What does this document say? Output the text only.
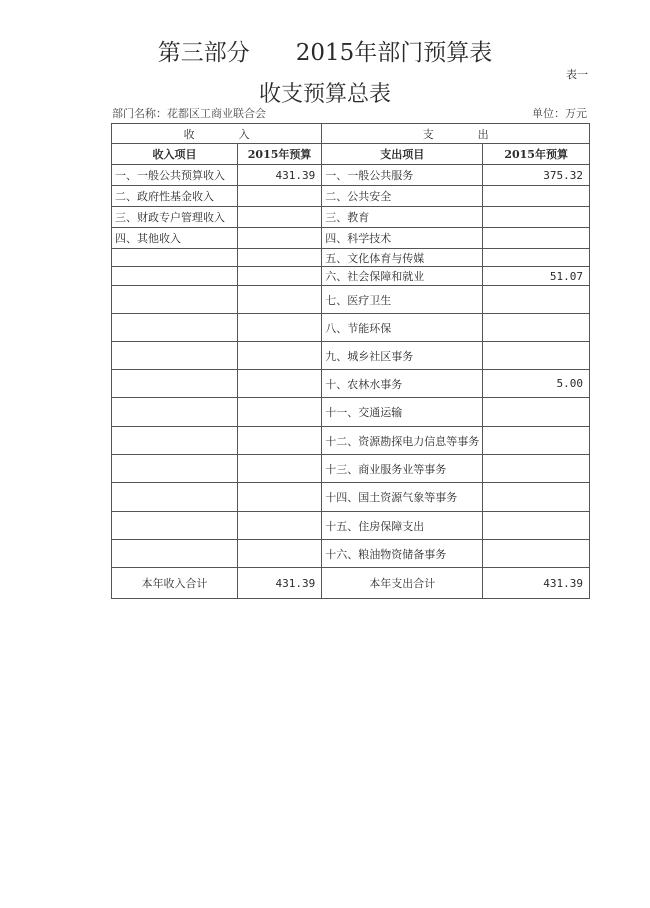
第三部分 2015年部门预算表
表一
收支预算总表
部门名称：花都区工商业联合会	单位：万元
收　　　　入		支　　　　出	
收入项目	2015年预算	支出项目	2015年预算
一、一般公共预算收入	431.39	一、一般公共服务	375.32
二、政府性基金收入		二、公共安全	
三、财政专户管理收入		三、教育	
四、其他收入		四、科学技术	
		五、文化体育与传媒	
		六、社会保障和就业	51.07
		七、医疗卫生	
		八、节能环保	
		九、城乡社区事务	
		十、农林水事务	5.00
		十一、交通运输	
		十二、资源勘探电力信息等事务	
		十三、商业服务业等事务	
		十四、国土资源气象等事务	
		十五、住房保障支出	
		十六、粮油物资储备事务	
本年收入合计	431.39	本年支出合计	431.39
